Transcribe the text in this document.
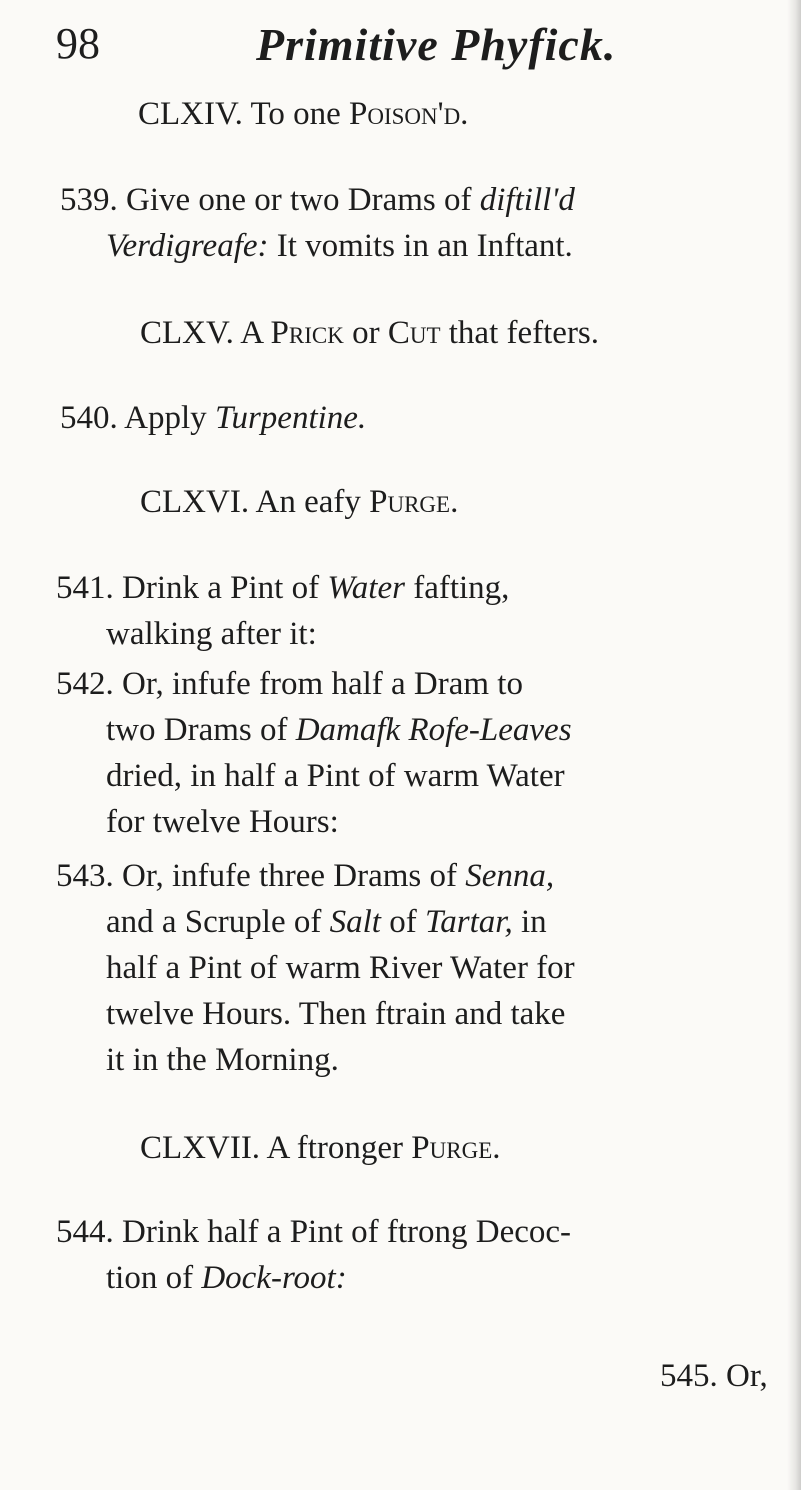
98	Primitive Phyfick.
CLXIV. To one Poison'd.
539. Give one or two Drams of diftill'd
Verdigreafe: It vomits in an Inftant.
CLXV. A Prick or Cut that fefters.
540. Apply Turpentine.
CLXVI. An eafy Purge.
541. Drink a Pint of Water fafting,
walking after it:
542. Or, infufe from half a Dram to
two Drams of Damafk Rofe-Leaves
dried, in half a Pint of warm Water
for twelve Hours:
543. Or, infufe three Drams of Senna,
and a Scruple of Salt of Tartar, in
half a Pint of warm River Water for
twelve Hours. Then ftrain and take
it in the Morning.
CLXVII. A ftronger Purge.
544. Drink half a Pint of ftrong Decoc-
tion of Dock-root:
545. Or,
